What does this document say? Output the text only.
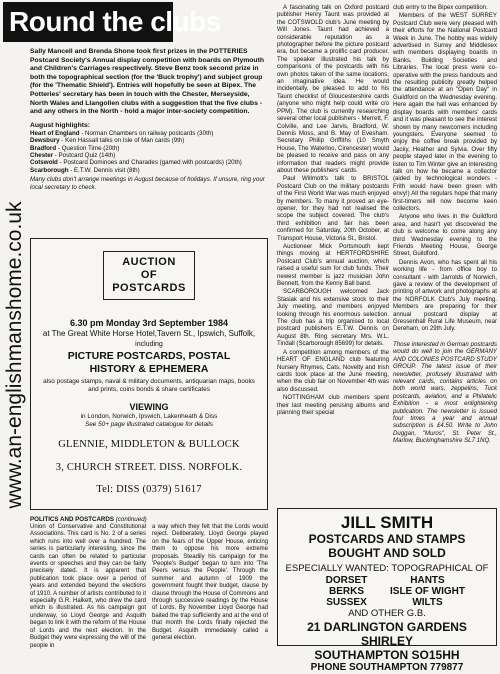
Round the clubs
www.an-englishmanshome.co.uk

Sally Mancell and Brenda Shone took first prizes in the POTTERIES Postcard Society's Annual display competition with boards on Plymouth and Children's Carriages respectively. Steve Benz took second prize in both the topographical section (for the 'Buck trophy') and subject group (for the 'Thematic Shield'). Entries will hopefully be seen at Bipex. The Potteries' secretary has been in touch with the Chester, Merseyside, North Wales and Llangollen clubs with a suggestion that the five clubs - and any others in the North - hold a major inter-society competition.

August highlights:

Heart of England - Norman Chambers on railway postcards (30th)
Dewsbury - Ken Hassall talks on Isle of Man cards (9th)
Bradford - Question Time (20th)
Chester - Postcard Quiz (14th)
Cotswold - Postcard Dominoes and Charades (gamed with postcards) (20th)
Scarborough - E.T.W. Dennis visit (8th)

Many clubs don't arrange meetings in August because of holidays. If unsure, ring your local secretary to check.

AUCTION
OF
POSTCARDS

6.30 pm Monday 3rd September 1984

at The Great White Horse Hotel,Tavern St., Ipswich, Suffolk,

including

PICTURE POSTCARDS, POSTAL

HISTORY & EPHEMERA

also postage stamps, naval & military documents, antiquarian maps, books and prints, coins bonds & share certificates

VIEWING

in London, Norwich, Ipswich, Lakenheath & Diss

See 50+ page illustrated catalogue for details

GLENNIE, MIDDLETON & BULLOCK

3, CHURCH STREET. DISS. NORFOLK.

Tel: DISS (0379) 51617

POLITICS AND POSTCARDS (continued)

Union of Conservative and Constitutional Associations. This card is No. 2 of a series which runs into well over a hundred. The series is particularly interesting, since the cards can often be related to particular events or speeches and they can be fairly precisely dated. It is apparent that publication took place over a period of years and extended beyond the elections of 1910. A number of artists contributed to it especially G.R. Halkett, who drew the card which is illustrated. As his campaign got underway, so Lloyd George and Asquith began to link it with the reform of the House of Lords and the next election. In the Budget they were expressing the will of the people in

a way which they felt that the Lords would reject. Deliberately, Lloyd George played on the fears of the Upper House, enticing them to oppose his more extreme proposals. Steadily his campaign for the 'People's Budget' began to turn into 'The Peers versus the People'. Through the summer and autumn of 1909 the government fought their budget, clause by clause through the House of Commons and through successive readings by the House of Lords. By November Lloyd George had baited the trap sufficiently and at the end of that month the Lords finally rejected the Budget. Asquith immediately called a general election.

A fascinating talk on Oxford postcard publisher Henry Taunt was provided at the COTSWOLD club's June meeting by Will Jones. Taunt had achieved a considerable reputation as a photographer before the picture postcard era, but became a prolific card producer. The speaker illustrated his talk by comparisons of the postcards with his own photos taken of the same locations, an imaginative idea. He would incidentally, be pleased to add to his Taunt checklist of Gloucestershire cards (anyone who might help could write c/o PPM). The club is currently researching several other local publishers - Merrett, F. Colville, and Lee Jarvis, Bradford, W. Dennis Moss, and B. May of Evesham. Secretary Philip Griffiths (10 Smyth House, The Waterloo, Cirencester) would be pleased to receive and pass on any information that readers might provide about these publishers' cards.

Paul Willmott's talk to BRISTOL Postcard Club on the military postcards of the First World War was much enjoyed by members. To many it proved an eye-opener, for they had not realised the scope the subject covered. The club's third exhibition and fair has been confirmed for Saturday, 20th October, at Transport House, Victoria St., Bristol.

Auctioneer Mick Portsmouth kept things moving at HERTFORDSHIRE Postcard Club's annual auction, which raised a useful sum for club funds. Their newest member is jazz musician John Bennett, from the Kenny Ball band.

SCARBOROUGH welcomed Jack Stasiak and his extensive stock to their July meeting, and members enjoyed looking through his enormous selection. The club has a trip organised to local postcard publishers E.T.W. Dennis on August 8th. Ring secretary Mrs. W.L. Tindall (Scarborough 85699) for details.

A competition among members of the HEART OF ENGLAND club featuring Nursery Rhymes, Cats, Novelty and Irish cards took place at the June meeting, when the club fair on November 4th was also discussed.

NOTTINGHAM club members spent their last meeting perusing albums and planning their special

club entry to the Bipex competition.

Members of the WEST SURREY Postcard Club were very pleased with their efforts for the National Postcard Week in June. The hobby was widely advertised in Surrey and Middlesex with members displaying boards in Banks, Building Societies and Libraries. The local press were co-operative with the press handouts and the resulting publicity greatly helped the attendance at an "Open Day" in Guildford on the Wednesday evening. Here again the hall was enhanced by display boards with members' cards and it was pleasant to see the interest shown by many newcomers including youngsters. Everyone seemed to enjoy the coffee break provided by Jacky, Heather and Sylvia. Over fifty people stayed later in the evening to listen to Tim Winter give an interesting talk on how he became a collector (aided by technological wonders - Frith would have been green with envy!) All the regulars hope that many first-timers will now become keen collectors.

Anyone who lives in the Guildford area, and hasn't yet discovered the club is welcome to come along any third Wednesday evening to the Friends Meeting House, George Street, Guildford.

Dennis Avon, who has spent all his working life - from office boy to consultant - with Jarrolds of Norwich, gave a review of the development of printing of artwork and photographs at the NORFOLK Club's July meeting. Members are preparing for their annual postcard display at Gressenhall Rural Life Museum, near Dereham, on 29th July.

Those interested in German postcards would do well to join the GERMANY AND COLONIES POSTCARD STUDY GROUP. The latest issue of their newsletter, profusely illustrated with relevant cards, contains articles on both world wars, zeppelins, Tuck postcards, aviation, and a Philatelic Exhibition - a most enlightening publication. The newsletter is issued four times a year and annual subscription is £4.50. Write to John Duggan, "Muros", St. Peter St., Marlow, Buckinghamshire SL7 1NQ.

JILL SMITH

POSTCARDS AND STAMPS

BOUGHT AND SOLD

ESPECIALLY WANTED: TOPOGRAPHICAL OF

DORSET	HANTS
BERKS	ISLE OF WIGHT
SUSSEX	WILTS

AND OTHER G.B.

21 DARLINGTON GARDENS

SHIRLEY

SOUTHAMPTON SO15HH

PHONE SOUTHAMPTON 779877
